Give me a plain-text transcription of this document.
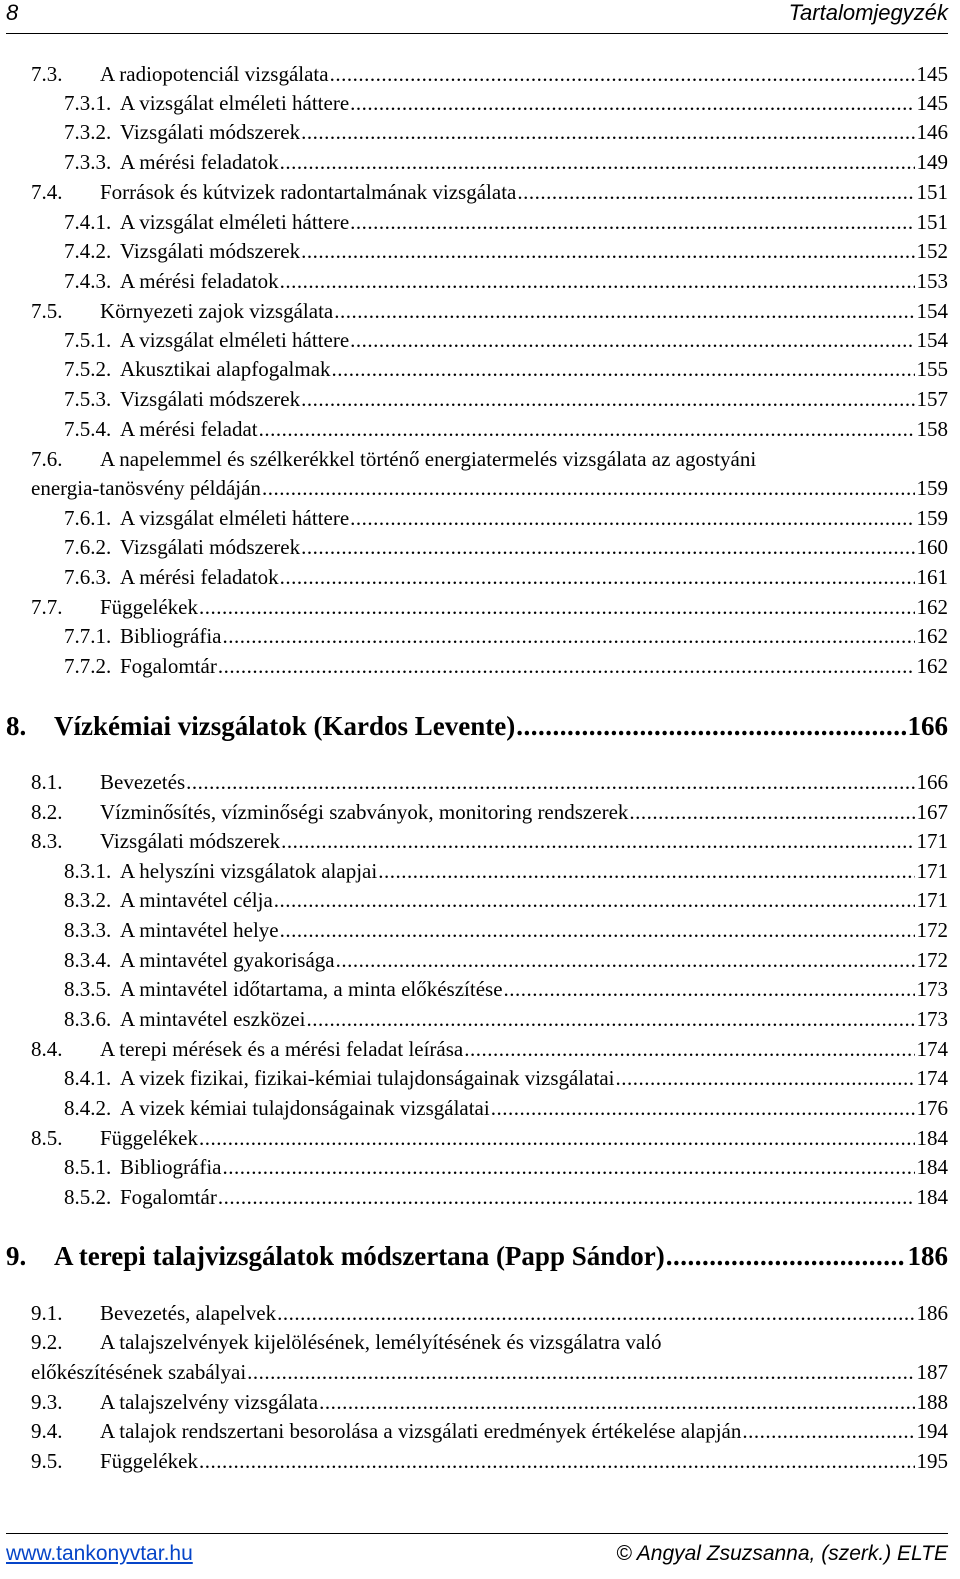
8	Tartalomjegyzék
7.3.	A radiopotenciál vizsgálata .....	145
7.3.1. A vizsgálat elméleti háttere .....	145
7.3.2. Vizsgálati módszerek .....	146
7.3.3. A mérési feladatok .....	149
7.4.	Források és kútvizek radontartalmának vizsgálata .....	151
7.4.1. A vizsgálat elméleti háttere .....	151
7.4.2. Vizsgálati módszerek .....	152
7.4.3. A mérési feladatok .....	153
7.5.	Környezeti zajok vizsgálata .....	154
7.5.1. A vizsgálat elméleti háttere .....	154
7.5.2. Akusztikai alapfogalmak .....	155
7.5.3. Vizsgálati módszerek .....	157
7.5.4. A mérési feladat .....	158
7.6. A napelemmel és szélkerékkel történő energiatermelés vizsgálata az agostyáni
energia-tanösvény példáján .....	159
7.6.1. A vizsgálat elméleti háttere .....	159
7.6.2. Vizsgálati módszerek .....	160
7.6.3. A mérési feladatok .....	161
7.7.	Függelékek .....	162
7.7.1. Bibliográfia .....	162
7.7.2. Fogalomtár .....	162
8.	Vízkémiai vizsgálatok (Kardos Levente) .....	166
8.1.	Bevezetés .....	166
8.2.	Vízminősítés, vízminőségi szabványok, monitoring rendszerek .....	167
8.3.	Vizsgálati módszerek .....	171
8.3.1. A helyszíni vizsgálatok alapjai .....	171
8.3.2. A mintavétel célja .....	171
8.3.3. A mintavétel helye .....	172
8.3.4. A mintavétel gyakorisága .....	172
8.3.5. A mintavétel időtartama, a minta előkészítése .....	173
8.3.6. A mintavétel eszközei .....	173
8.4.	A terepi mérések és a mérési feladat leírása .....	174
8.4.1. A vizek fizikai, fizikai-kémiai tulajdonságainak vizsgálatai .....	174
8.4.2. A vizek kémiai tulajdonságainak vizsgálatai .....	176
8.5.	Függelékek .....	184
8.5.1. Bibliográfia .....	184
8.5.2. Fogalomtár .....	184
9.	A terepi talajvizsgálatok módszertana (Papp Sándor) .....	186
9.1.	Bevezetés, alapelvek .....	186
9.2. A talajszelvények kijelölésének, lemélyítésének és vizsgálatra való
előkészítésének szabályai .....	187
9.3.	A talajszelvény vizsgálata .....	188
9.4.	A talajok rendszertani besorolása a vizsgálati eredmények értékelése alapján .....	194
9.5.	Függelékek .....	195
www.tankonyvtar.hu	© Angyal Zsuzsanna, (szerk.) ELTE
